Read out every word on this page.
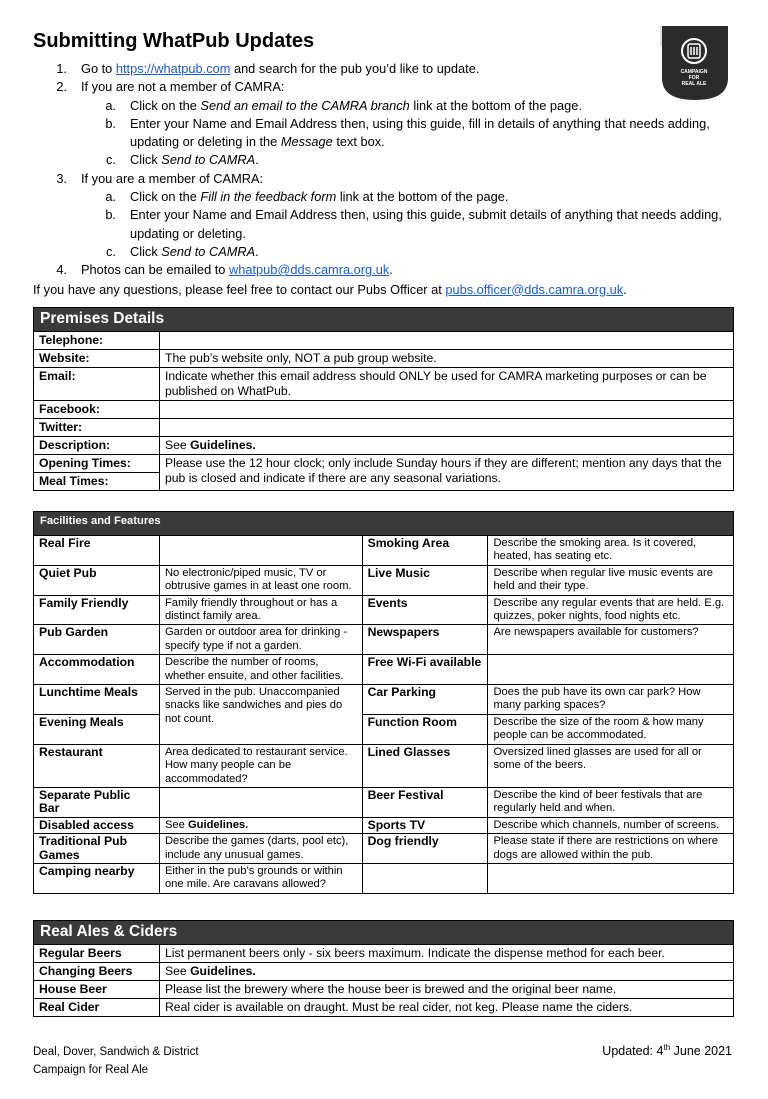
Submitting WhatPub Updates
CAMPAIGN
FOR
REAL ALE
1.	Go to https://whatpub.com and search for the pub you’d like to update.
2.	If you are not a member of CAMRA:
a.	Click on the Send an email to the CAMRA branch link at the bottom of the page.
b.	Enter your Name and Email Address then, using this guide, fill in details of anything that needs adding, updating or deleting in the Message text box.
c.	Click Send to CAMRA.
3.	If you are a member of CAMRA:
a.	Click on the Fill in the feedback form link at the bottom of the page.
b.	Enter your Name and Email Address then, using this guide, submit details of anything that needs adding, updating or deleting.
c.	Click Send to CAMRA.
4.	Photos can be emailed to whatpub@dds.camra.org.uk.
If you have any questions, please feel free to contact our Pubs Officer at pubs.officer@dds.camra.org.uk.
Premises Details	
Telephone:	
Website:	The pub’s website only, NOT a pub group website.
Email:	Indicate whether this email address should ONLY be used for CAMRA marketing purposes or can be published on WhatPub.
Facebook:	
Twitter:	
Description:	See Guidelines.
Opening Times:	Please use the 12 hour clock; only include Sunday hours if they are different; mention any days that the pub is closed and indicate if there are any seasonal variations.
Meal Times:	
Facilities and Features			
Real Fire		Smoking Area	Describe the smoking area. Is it covered, heated, has seating etc.
Quiet Pub	No electronic/piped music, TV or obtrusive games in at least one room.	Live Music	Describe when regular live music events are held and their type.
Family Friendly	Family friendly throughout or has a distinct family area.	Events	Describe any regular events that are held. E.g. quizzes, poker nights, food nights etc.
Pub Garden	Garden or outdoor area for drinking - specify type if not a garden.	Newspapers	Are newspapers available for customers?
Accommodation	Describe the number of rooms, whether ensuite, and other facilities.	Free Wi-Fi available	
Lunchtime Meals	Served in the pub. Unaccompanied snacks like sandwiches and pies do not count.	Car Parking	Does the pub have its own car park? How many parking spaces?
Evening Meals		Function Room	Describe the size of the room & how many people can be accommodated.
Restaurant	Area dedicated to restaurant service. How many people can be accommodated?	Lined Glasses	Oversized lined glasses are used for all or some of the beers.
Separate Public Bar		Beer Festival	Describe the kind of beer festivals that are regularly held and when.
Disabled access	See Guidelines.	Sports TV	Describe which channels, number of screens.
Traditional Pub Games	Describe the games (darts, pool etc), include any unusual games.	Dog friendly	Please state if there are restrictions on where dogs are allowed within the pub.
Camping nearby	Either in the pub’s grounds or within one mile. Are caravans allowed?		
Real Ales & Ciders	
Regular Beers	List permanent beers only - six beers maximum. Indicate the dispense method for each beer.
Changing Beers	See Guidelines.
House Beer	Please list the brewery where the house beer is brewed and the original beer name.
Real Cider	Real cider is available on draught. Must be real cider, not keg. Please name the ciders.
Deal, Dover, Sandwich & District
Campaign for Real Ale
Updated: 4th June 2021
